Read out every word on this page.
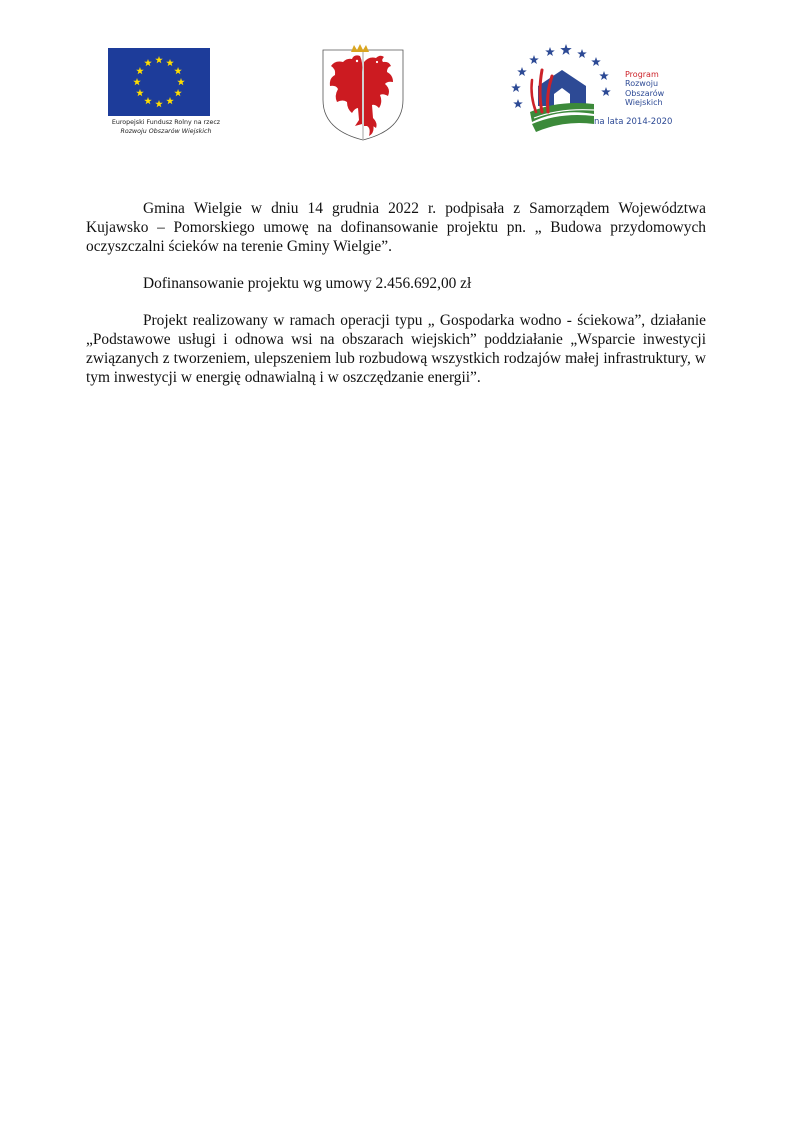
Europejski Fundusz Rolny na rzecz
Rozwoju Obszarów Wiejskich
Program
Rozwoju
Obszarów
Wiejskich
na lata 2014-2020

Gmina Wielgie w dniu 14 grudnia 2022 r. podpisała z Samorządem Województwa Kujawsko – Pomorskiego umowę na dofinansowanie projektu pn. „ Budowa przydomowych oczyszczalni ścieków na terenie Gminy Wielgie”.

Dofinansowanie projektu wg umowy 2.456.692,00 zł

Projekt realizowany w ramach operacji typu „ Gospodarka wodno - ściekowa”, działanie „Podstawowe usługi i odnowa wsi na obszarach wiejskich” poddziałanie „Wsparcie inwestycji związanych z tworzeniem, ulepszeniem lub rozbudową wszystkich rodzajów małej infrastruktury, w tym inwestycji w energię odnawialną i w oszczędzanie energii”.
